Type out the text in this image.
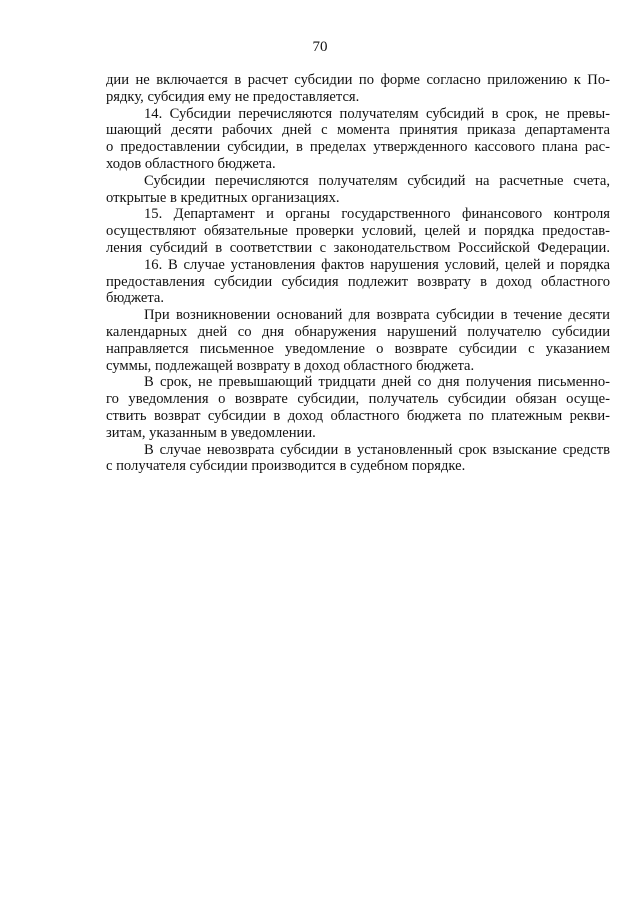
70
дии не включается в расчет субсидии по форме согласно приложению к По-
рядку, субсидия ему не предоставляется.
14. Субсидии перечисляются получателям субсидий в срок, не превы-
шающий десяти рабочих дней с момента принятия приказа департамента
о предоставлении субсидии, в пределах утвержденного кассового плана рас-
ходов областного бюджета.
Субсидии перечисляются получателям субсидий на расчетные счета,
открытые в кредитных организациях.
15. Департамент и органы государственного финансового контроля
осуществляют обязательные проверки условий, целей и порядка предостав-
ления субсидий в соответствии с законодательством Российской Федерации.
16. В случае установления фактов нарушения условий, целей и порядка
предоставления субсидии субсидия подлежит возврату в доход областного
бюджета.
При возникновении оснований для возврата субсидии в течение десяти
календарных дней со дня обнаружения нарушений получателю субсидии
направляется письменное уведомление о возврате субсидии с указанием
суммы, подлежащей возврату в доход областного бюджета.
В срок, не превышающий тридцати дней со дня получения письменно-
го уведомления о возврате субсидии, получатель субсидии обязан осуще-
ствить возврат субсидии в доход областного бюджета по платежным рекви-
зитам, указанным в уведомлении.
В случае невозврата субсидии в установленный срок взыскание средств
с получателя субсидии производится в судебном порядке.
